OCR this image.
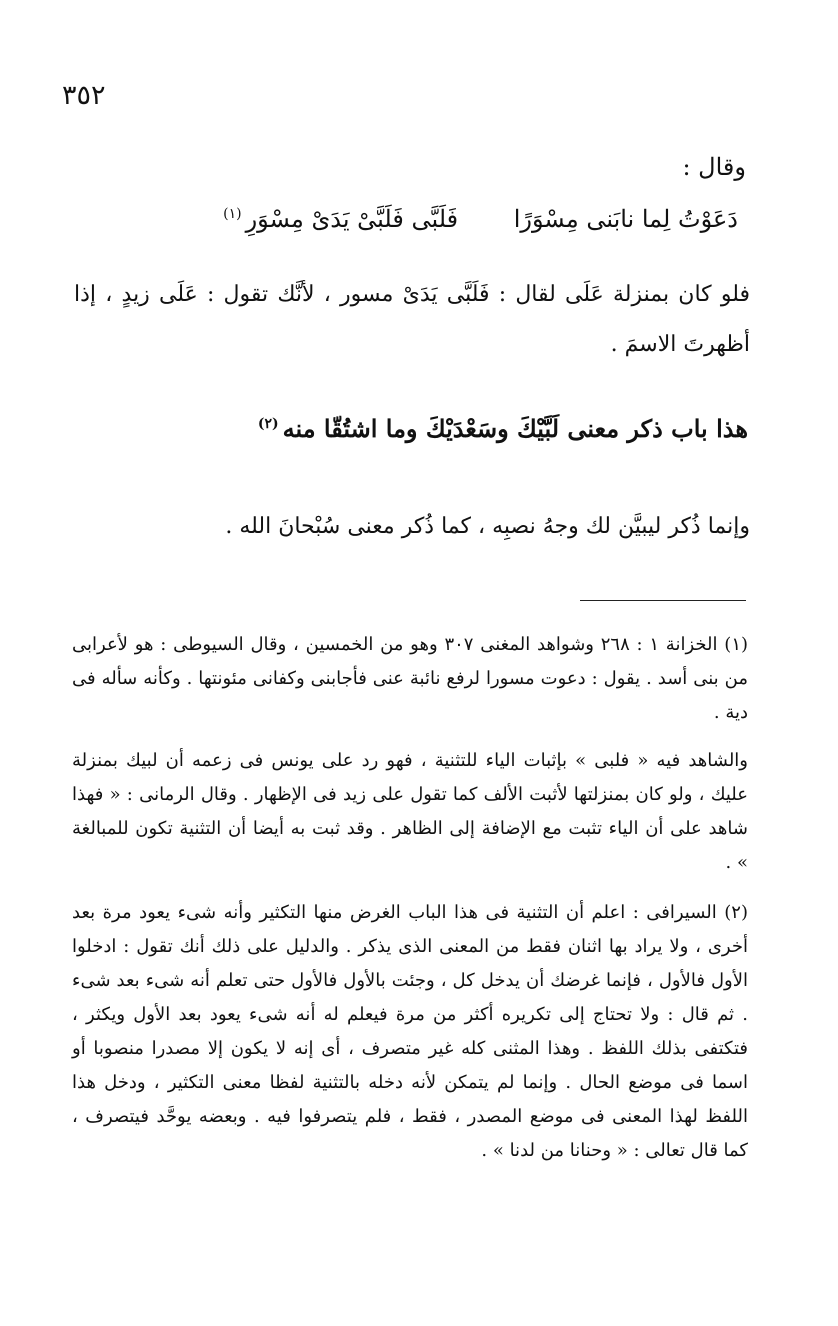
٣٥٢
وقال :
دَعَوْتُ لِما نابَنى مِسْوَرًا فَلَبَّى فَلَبَّىْ يَدَىْ مِسْوَرِ$^{(١)}$
فلو كان بمنزلة عَلَى لقال : فَلَبَّى يَدَىْ مسور ، لأنَّك تقول : عَلَى زيدٍ ، إذا أظهرتَ الاسمَ .
هذا باب ذكر معنى لَبَّيْكَ وسَعْدَيْكَ وما اشتُقّا منه$^{(٢)}$
وإنما ذُكر ليبيَّن لك وجهُ نصبِه ، كما ذُكر معنى سُبْحانَ الله .

(١) الخزانة ١ : ٢٦٨ وشواهد المغنى ٣٠٧ وهو من الخمسين ، وقال السيوطى : هو لأعرابى من بنى أسد . يقول : دعوت مسورا لرفع نائبة عنى فأجابنى وكفانى مئونتها . وكأنه سأله فى دية .

والشاهد فيه « فلبى » بإثبات الياء للتثنية ، فهو رد على يونس فى زعمه أن لبيك بمنزلة عليك ، ولو كان بمنزلتها لأثبت الألف كما تقول على زيد فى الإظهار . وقال الرمانى : « فهذا شاهد على أن الياء تثبت مع الإضافة إلى الظاهر . وقد ثبت به أيضا أن التثنية تكون للمبالغة » .

(٢) السيرافى : اعلم أن التثنية فى هذا الباب الغرض منها التكثير وأنه شىء يعود مرة بعد أخرى ، ولا يراد بها اثنان فقط من المعنى الذى يذكر . والدليل على ذلك أنك تقول : ادخلوا الأول فالأول ، فإنما غرضك أن يدخل كل ، وجئت بالأول فالأول حتى تعلم أنه شىء بعد شىء . ثم قال : ولا تحتاج إلى تكريره أكثر من مرة فيعلم له أنه شىء يعود بعد الأول ويكثر ، فتكتفى بذلك اللفظ . وهذا المثنى كله غير متصرف ، أى إنه لا يكون إلا مصدرا منصوبا أو اسما فى موضع الحال . وإنما لم يتمكن لأنه دخله بالتثنية لفظا معنى التكثير ، ودخل هذا اللفظ لهذا المعنى فى موضع المصدر ، فقط ، فلم يتصرفوا فيه . وبعضه يوحَّد فيتصرف ، كما قال تعالى : « وحنانا من لدنا » .
